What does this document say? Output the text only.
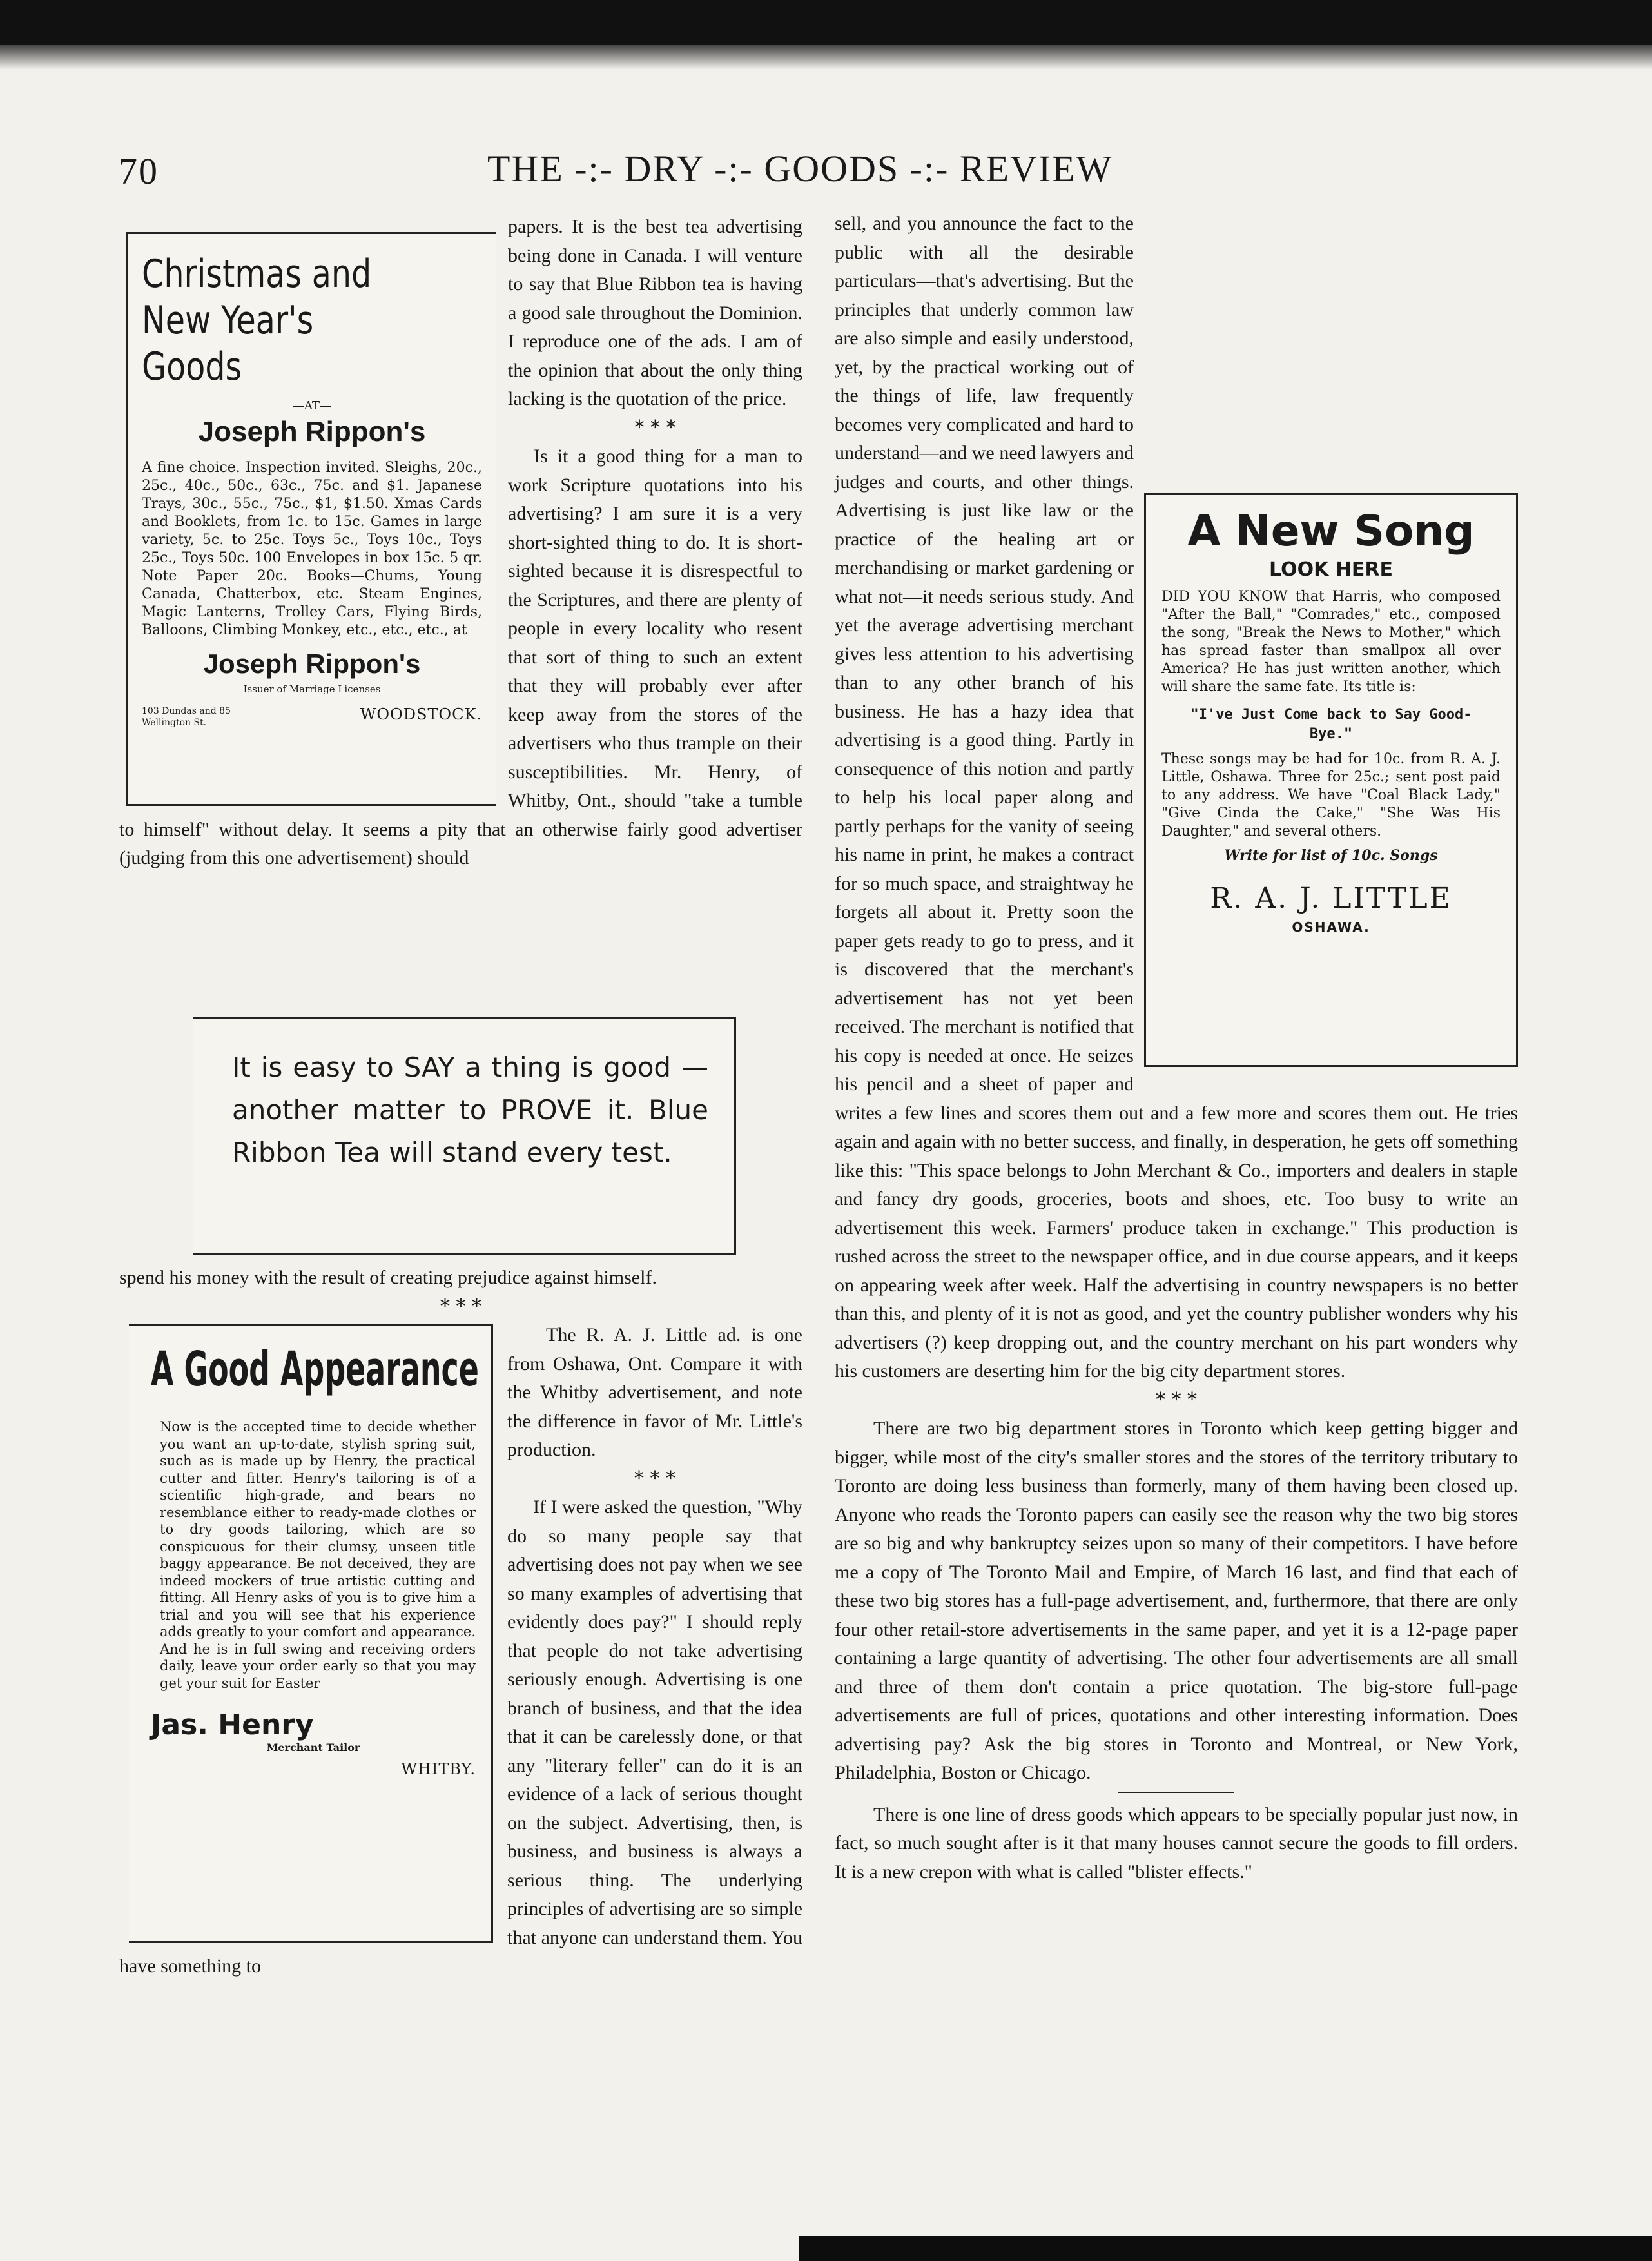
70	THE -:- DRY -:- GOODS -:- REVIEW
Christmas and
New Year's Goods
—AT—
Joseph Rippon's
A fine choice. Inspection invited. Sleighs, 20c., 25c., 40c., 50c., 63c., 75c. and $1. Japanese Trays, 30c., 55c., 75c., $1, $1.50. Xmas Cards and Booklets, from 1c. to 15c. Games in large variety, 5c. to 25c. Toys 5c., Toys 10c., Toys 25c., Toys 50c. 100 Envelopes in box 15c. 5 qr. Note Paper 20c. Books—Chums, Young Canada, Chatterbox, etc. Steam Engines, Magic Lanterns, Trolley Cars, Flying Birds, Balloons, Climbing Monkey, etc., etc., etc., at
Joseph Rippon's
Issuer of Marriage Licenses
103 Dundas and 85 Wellington St.	WOODSTOCK.

papers. It is the best tea advertising being done in Canada. I will venture to say that Blue Ribbon tea is having a good sale throughout the Dominion. I reproduce one of the ads. I am of the opinion that about the only thing lacking is the quotation of the price.

* * *

Is it a good thing for a man to work Scripture quotations into his advertising? I am sure it is a very short-sighted thing to do. It is short-sighted because it is disrespectful to the Scriptures, and there are plenty of people in every locality who resent that sort of thing to such an extent that they will probably ever after keep away from the stores of the advertisers who thus trample on their susceptibilities. Mr. Henry, of Whitby, Ont., should "take a tumble to himself" without delay. It seems a pity that an otherwise fairly good advertiser (judging from this one advertisement) should

It is easy to SAY a thing is good — another matter to PROVE it. Blue Ribbon Tea will stand every test.

spend his money with the result of creating prejudice against himself.

* * *
A Good Appearance
Now is the accepted time to decide whether you want an up-to-date, stylish spring suit, such as is made up by Henry, the practical cutter and fitter. Henry's tailoring is of a scientific high-grade, and bears no resemblance either to ready-made clothes or to dry goods tailoring, which are so conspicuous for their clumsy, unseen title baggy appearance. Be not deceived, they are indeed mockers of true artistic cutting and fitting. All Henry asks of you is to give him a trial and you will see that his experience adds greatly to your comfort and appearance. And he is in full swing and receiving orders daily, leave your order early so that you may get your suit for Easter
Jas. Henry
Merchant Tailor
WHITBY.

The R. A. J. Little ad. is one from Oshawa, Ont. Compare it with the Whitby advertisement, and note the difference in favor of Mr. Little's production.

* * *

If I were asked the question, "Why do so many people say that advertising does not pay when we see so many examples of advertising that evidently does pay?" I should reply that people do not take advertising seriously enough. Advertising is one branch of business, and that the idea that it can be carelessly done, or that any "literary feller" can do it is an evidence of a lack of serious thought on the subject. Advertising, then, is business, and business is always a serious thing. The underlying principles of advertising are so simple that anyone can understand them. You have something to

A New Song
LOOK HERE
DID YOU KNOW that Harris, who composed "After the Ball," "Comrades," etc., composed the song, "Break the News to Mother," which has spread faster than smallpox all over America? He has just written another, which will share the same fate. Its title is:
"I've Just Come back to Say Good-Bye."
These songs may be had for 10c. from R. A. J. Little, Oshawa. Three for 25c.; sent post paid to any address. We have "Coal Black Lady," "Give Cinda the Cake," "She Was His Daughter," and several others.
Write for list of 10c. Songs
R. A. J. LITTLE
OSHAWA.

sell, and you announce the fact to the public with all the desirable particulars—that's advertising. But the principles that underly common law are also simple and easily understood, yet, by the practical working out of the things of life, law frequently becomes very complicated and hard to understand—and we need lawyers and judges and courts, and other things. Advertising is just like law or the practice of the healing art or merchandising or market gardening or what not—it needs serious study. And yet the average advertising merchant gives less attention to his advertising than to any other branch of his business. He has a hazy idea that advertising is a good thing. Partly in consequence of this notion and partly to help his local paper along and partly perhaps for the vanity of seeing his name in print, he makes a contract for so much space, and straightway he forgets all about it. Pretty soon the paper gets ready to go to press, and it is discovered that the merchant's advertisement has not yet been received. The merchant is notified that his copy is needed at once. He seizes his pencil and a sheet of paper and writes a few lines and scores them out and a few more and scores them out. He tries again and again with no better success, and finally, in desperation, he gets off something like this: "This space belongs to John Merchant & Co., importers and dealers in staple and fancy dry goods, groceries, boots and shoes, etc. Too busy to write an advertisement this week. Farmers' produce taken in exchange." This production is rushed across the street to the newspaper office, and in due course appears, and it keeps on appearing week after week. Half the advertising in country newspapers is no better than this, and plenty of it is not as good, and yet the country publisher wonders why his advertisers (?) keep dropping out, and the country merchant on his part wonders why his customers are deserting him for the big city department stores.

* * *

There are two big department stores in Toronto which keep getting bigger and bigger, while most of the city's smaller stores and the stores of the territory tributary to Toronto are doing less business than formerly, many of them having been closed up. Anyone who reads the Toronto papers can easily see the reason why the two big stores are so big and why bankruptcy seizes upon so many of their competitors. I have before me a copy of The Toronto Mail and Empire, of March 16 last, and find that each of these two big stores has a full-page advertisement, and, furthermore, that there are only four other retail-store advertisements in the same paper, and yet it is a 12-page paper containing a large quantity of advertising. The other four advertisements are all small and three of them don't contain a price quotation. The big-store full-page advertisements are full of prices, quotations and other interesting information. Does advertising pay? Ask the big stores in Toronto and Montreal, or New York, Philadelphia, Boston or Chicago.

There is one line of dress goods which appears to be specially popular just now, in fact, so much sought after is it that many houses cannot secure the goods to fill orders. It is a new crepon with what is called "blister effects."
